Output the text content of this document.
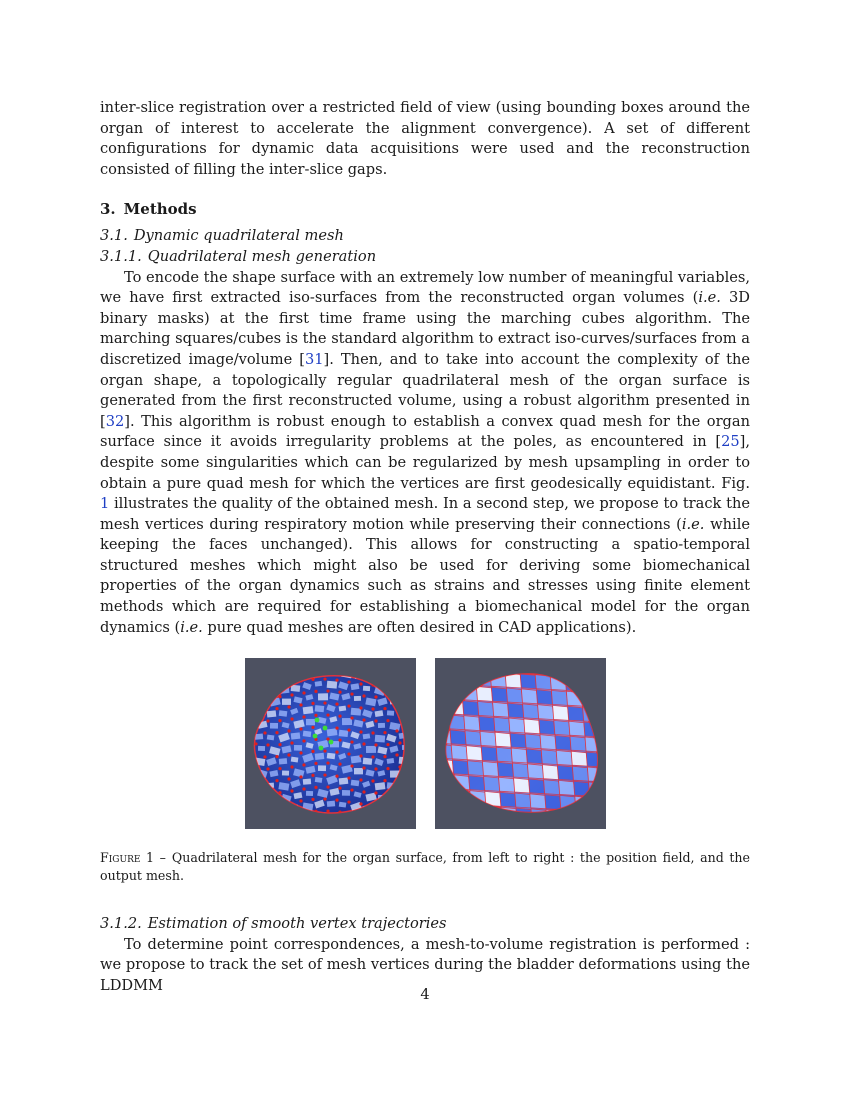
inter-slice registration over a restricted field of view (using bounding boxes around the organ of interest to accelerate the alignment convergence). A set of different configurations for dynamic data acquisitions were used and the reconstruction consisted of filling the inter-slice gaps.

3. Methods
3.1. Dynamic quadrilateral mesh
3.1.1. Quadrilateral mesh generation

To encode the shape surface with an extremely low number of meaningful variables, we have first extracted iso-surfaces from the reconstructed organ volumes (i.e. 3D binary masks) at the first time frame using the marching cubes algorithm. The marching squares/cubes is the standard algorithm to extract iso-curves/surfaces from a discretized image/volume [31]. Then, and to take into account the complexity of the organ shape, a topologically regular quadrilateral mesh of the organ surface is generated from the first reconstructed volume, using a robust algorithm presented in [32]. This algorithm is robust enough to establish a convex quad mesh for the organ surface since it avoids irregularity problems at the poles, as encountered in [25], despite some singularities which can be regularized by mesh upsampling in order to obtain a pure quad mesh for which the vertices are first geodesically equidistant. Fig. 1 illustrates the quality of the obtained mesh. In a second step, we propose to track the mesh vertices during respiratory motion while preserving their connections (i.e. while keeping the faces unchanged). This allows for constructing a spatio-temporal structured meshes which might also be used for deriving some biomechanical properties of the organ dynamics such as strains and stresses using finite element methods which are required for establishing a biomechanical model for the organ dynamics (i.e. pure quad meshes are often desired in CAD applications).

Figure 1 – Quadrilateral mesh for the organ surface, from left to right : the position field, and the output mesh.

3.1.2. Estimation of smooth vertex trajectories

To determine point correspondences, a mesh-to-volume registration is performed : we propose to track the set of mesh vertices during the bladder deformations using the LDDMM

4
